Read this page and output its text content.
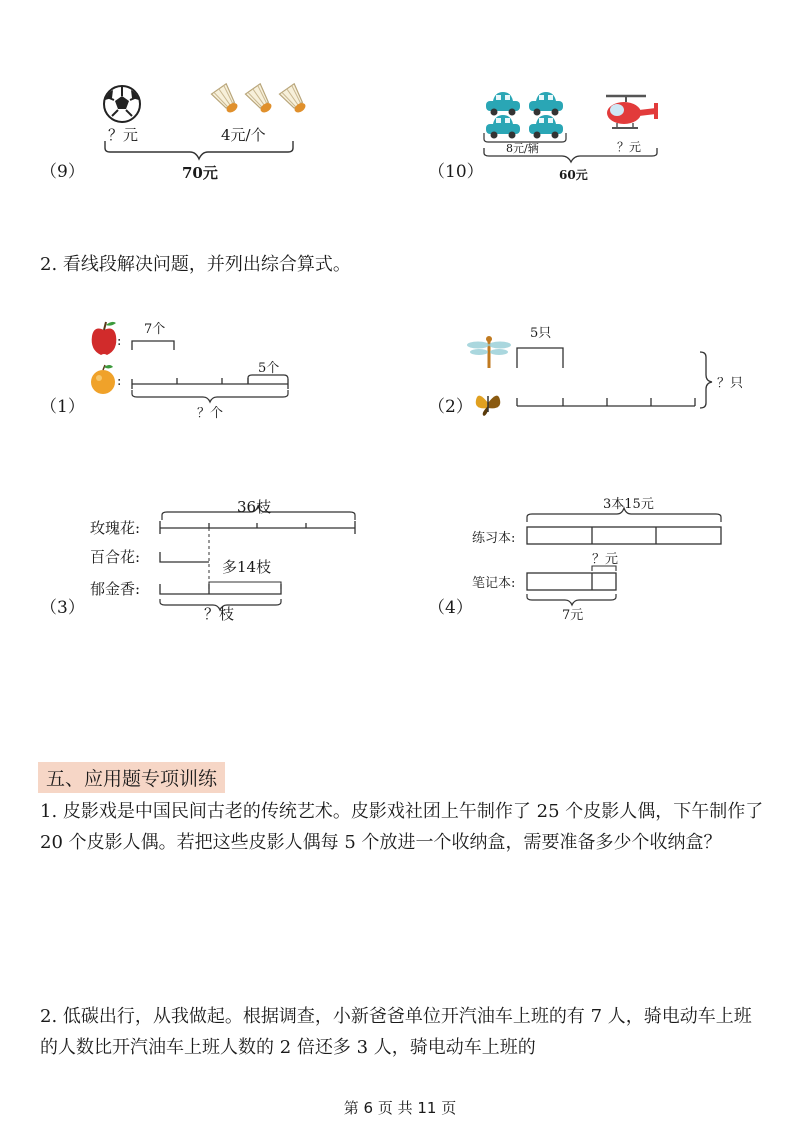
？元	4元/个
（9）	70元
8元/辆	？元
（10）	60元
2. 看线段解决问题，并列出综合算式。
7个
:
:
5个
？个
（1）
5只
？只
（2）
36枝
玫瑰花:
百合花:
多14枝
郁金香:
（3）	？枝
3本15元
练习本:
？元
笔记本:
（4）	7元
五、应用题专项训练
1. 皮影戏是中国民间古老的传统艺术。皮影戏社团上午制作了 25 个皮影人偶，下午制作了 20 个皮影人偶。若把这些皮影人偶每 5 个放进一个收纳盒，需要准备多少个收纳盒？
2. 低碳出行，从我做起。根据调查，小新爸爸单位开汽油车上班的有 7 人，骑电动车上班的人数比开汽油车上班人数的 2 倍还多 3 人，骑电动车上班的
第 6 页 共 11 页
